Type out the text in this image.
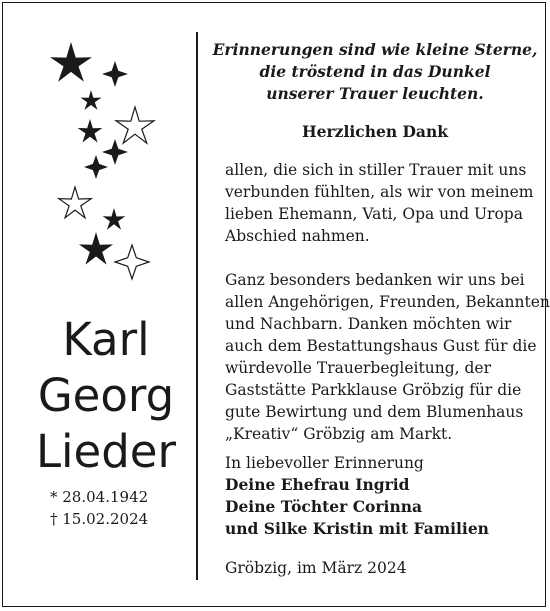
Karl
Georg
Lieder
* 28.04.1942
† 15.02.2024
Erinnerungen sind wie kleine Sterne,
die tröstend in das Dunkel
unserer Trauer leuchten.
Herzlichen Dank
allen, die sich in stiller Trauer mit uns
verbunden fühlten, als wir von meinem
lieben Ehemann, Vati, Opa und Uropa
Abschied nahmen.
Ganz besonders bedanken wir uns bei
allen Angehörigen, Freunden, Bekannten
und Nachbarn. Danken möchten wir
auch dem Bestattungshaus Gust für die
würdevolle Trauerbegleitung, der
Gaststätte Parkklause Gröbzig für die
gute Bewirtung und dem Blumenhaus
„Kreativ“ Gröbzig am Markt.
In liebevoller Erinnerung
Deine Ehefrau Ingrid
Deine Töchter Corinna
und Silke Kristin mit Familien
Gröbzig, im März 2024
